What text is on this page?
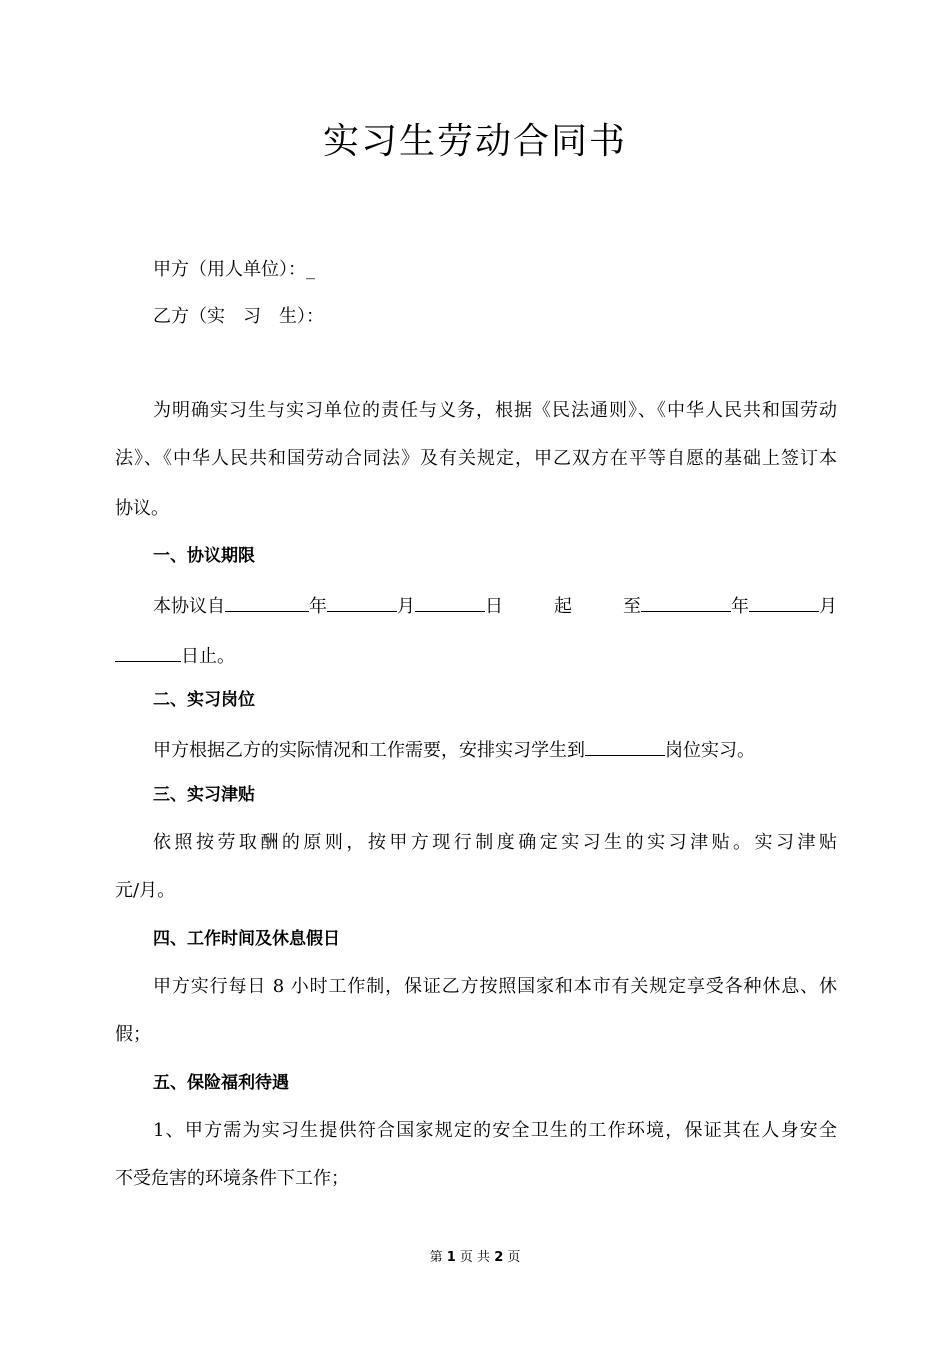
实习生劳动合同书
甲方（用人单位）：_
乙方（实　习　生）：
为明确实习生与实习单位的责任与义务，根据《民法通则》、《中华人民共和国劳动
法》、《中华人民共和国劳动合同法》及有关规定，甲乙双方在平等自愿的基础上签订本
协议。
一、协议期限
本协议自	年	月	日	起	至	年	月
日止。
二、实习岗位
甲方根据乙方的实际情况和工作需要，安排实习学生到	岗位实习。
三、实习津贴
依照按劳取酬的原则，按甲方现行制度确定实习生的实习津贴。实习津贴
元/月。
四、工作时间及休息假日
甲方实行每日 8 小时工作制，保证乙方按照国家和本市有关规定享受各种休息、休
假；
五、保险福利待遇
1、甲方需为实习生提供符合国家规定的安全卫生的工作环境，保证其在人身安全
不受危害的环境条件下工作；
第 1 页 共 2 页
